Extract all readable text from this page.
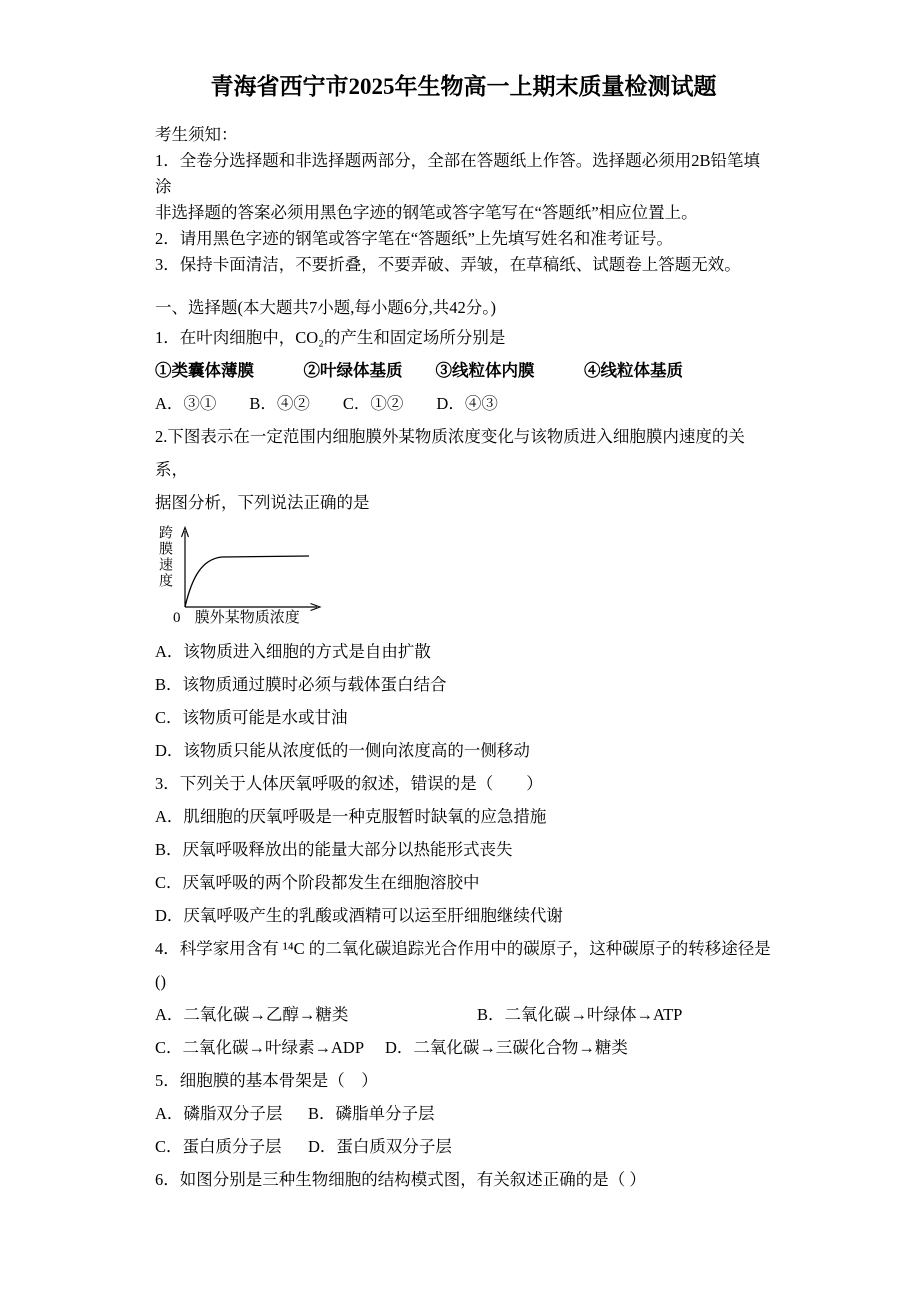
青海省西宁市2025年生物高一上期末质量检测试题

考生须知：

1．全卷分选择题和非选择题两部分，全部在答题纸上作答。选择题必须用2B铅笔填涂

非选择题的答案必须用黑色字迹的钢笔或答字笔写在“答题纸”相应位置上。

2．请用黑色字迹的钢笔或答字笔在“答题纸”上先填写姓名和准考证号。

3．保持卡面清洁，不要折叠，不要弄破、弄皱，在草稿纸、试题卷上答题无效。

一、选择题(本大题共7小题,每小题6分,共42分。)

1．在叶肉细胞中，CO₂的产生和固定场所分别是

①类囊体薄膜　　　②叶绿体基质　　③线粒体内膜　　　④线粒体基质

A．③①　　B．④②　　C．①②　　D．④③

2.下图表示在一定范围内细胞膜外某物质浓度变化与该物质进入细胞膜内速度的关系，

据图分析，下列说法正确的是

跨膜速度
0 膜外某物质浓度

A．该物质进入细胞的方式是自由扩散

B．该物质通过膜时必须与载体蛋白结合

C．该物质可能是水或甘油

D．该物质只能从浓度低的一侧向浓度高的一侧移动

3．下列关于人体厌氧呼吸的叙述，错误的是（　　）

A．肌细胞的厌氧呼吸是一种克服暂时缺氧的应急措施

B．厌氧呼吸释放出的能量大部分以热能形式丧失

C．厌氧呼吸的两个阶段都发生在细胞溶胶中

D．厌氧呼吸产生的乳酸或酒精可以运至肝细胞继续代谢

4．科学家用含有 ¹⁴C 的二氧化碳追踪光合作用中的碳原子，这种碳原子的转移途径是

()

A．二氧化碳→乙醇→糖类	B．二氧化碳→叶绿体→ATP

C．二氧化碳→叶绿素→ADP D．二氧化碳→三碳化合物→糖类

5．细胞膜的基本骨架是（　）

A．磷脂双分子层 B．磷脂单分子层

C．蛋白质分子层 D．蛋白质双分子层

6．如图分别是三种生物细胞的结构模式图，有关叙述正确的是（ ）
